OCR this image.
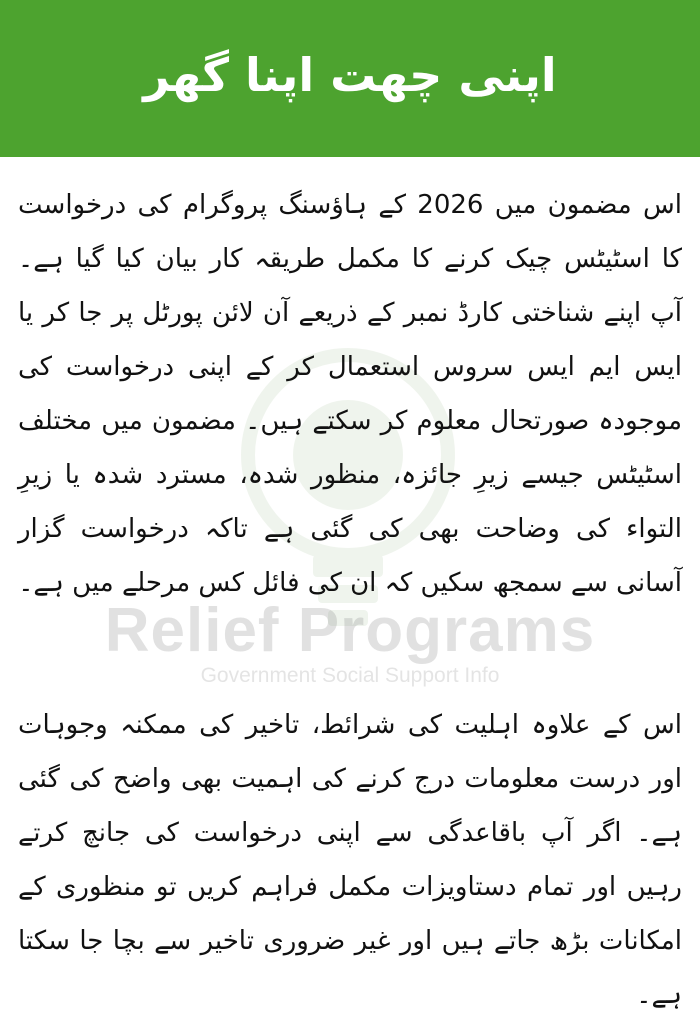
اپنی چھت اپنا گھر
Relief Programs
Government Social Support Info
اس مضمون میں 2026 کے ہاؤسنگ پروگرام کی درخواست کا اسٹیٹس چیک کرنے کا مکمل طریقہ کار بیان کیا گیا ہے۔ آپ اپنے شناختی کارڈ نمبر کے ذریعے آن لائن پورٹل پر جا کر یا ایس ایم ایس سروس استعمال کر کے اپنی درخواست کی موجودہ صورتحال معلوم کر سکتے ہیں۔ مضمون میں مختلف اسٹیٹس جیسے زیرِ جائزہ، منظور شدہ، مسترد شدہ یا زیرِ التواء کی وضاحت بھی کی گئی ہے تاکہ درخواست گزار آسانی سے سمجھ سکیں کہ ان کی فائل کس مرحلے میں ہے۔
اس کے علاوہ اہلیت کی شرائط، تاخیر کی ممکنہ وجوہات اور درست معلومات درج کرنے کی اہمیت بھی واضح کی گئی ہے۔ اگر آپ باقاعدگی سے اپنی درخواست کی جانچ کرتے رہیں اور تمام دستاویزات مکمل فراہم کریں تو منظوری کے امکانات بڑھ جاتے ہیں اور غیر ضروری تاخیر سے بچا جا سکتا ہے۔
